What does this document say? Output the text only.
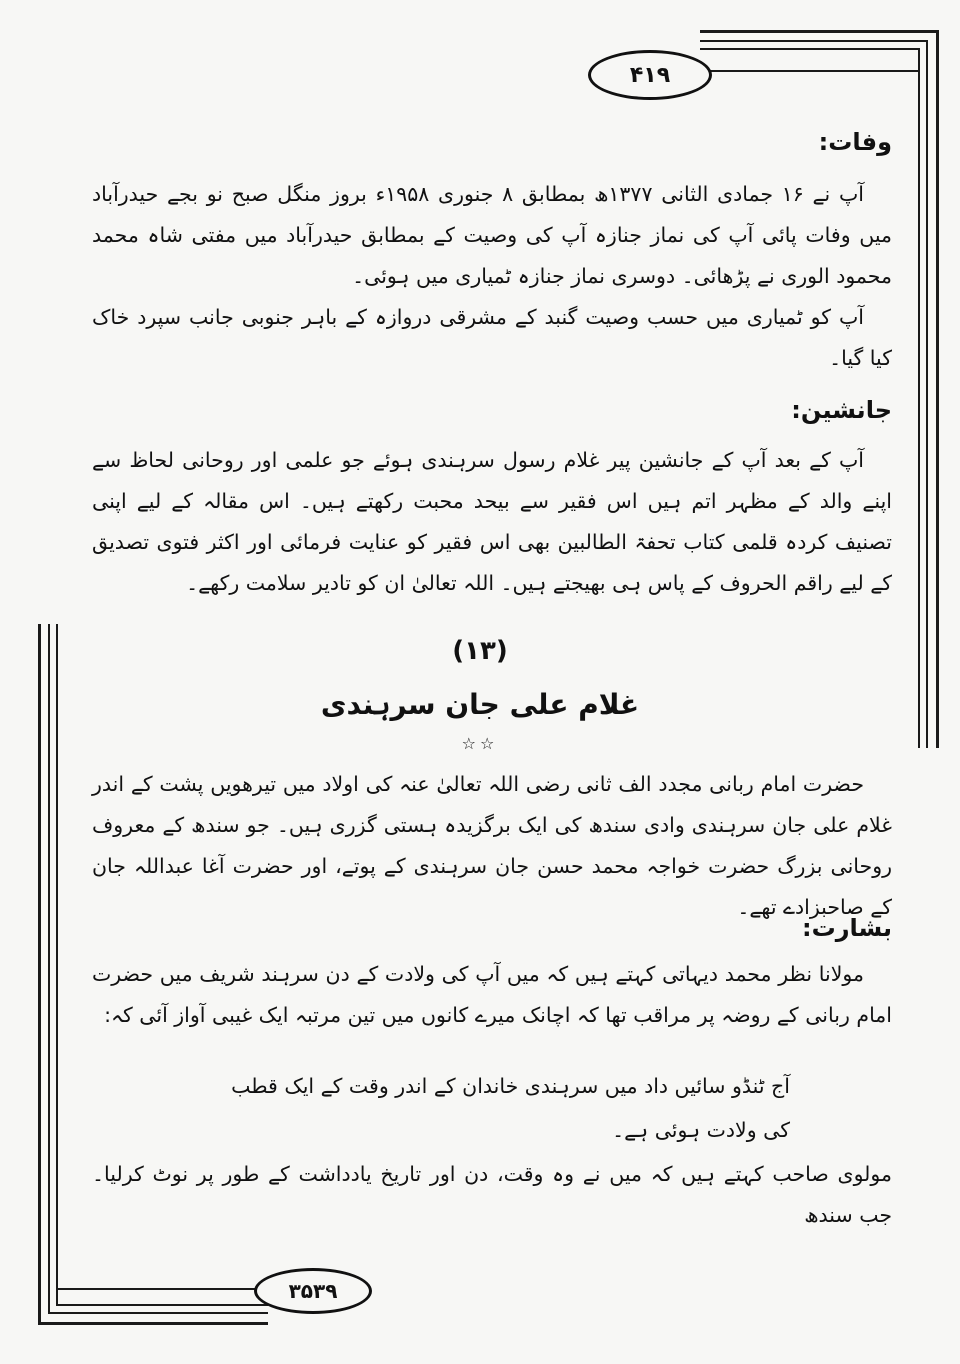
۴۱۹
۳۵۳۹
وفات:

آپ نے ۱۶ جمادی الثانی ۱۳۷۷ھ بمطابق ۸ جنوری ۱۹۵۸ء بروز منگل صبح نو بجے حیدرآباد میں وفات پائی آپ کی نماز جنازہ آپ کی وصیت کے بمطابق حیدرآباد میں مفتی شاہ محمد محمود الوری نے پڑھائی۔ دوسری نماز جنازہ ٹمیاری میں ہوئی۔

آپ کو ٹمیاری میں حسب وصیت گنبد کے مشرقی دروازہ کے باہر جنوبی جانب سپرد خاک کیا گیا۔

جانشین:

آپ کے بعد آپ کے جانشین پیر غلام رسول سرہندی ہوئے جو علمی اور روحانی لحاظ سے اپنے والد کے مظہر اتم ہیں اس فقیر سے بیحد محبت رکھتے ہیں۔ اس مقالہ کے لیے اپنی تصنیف کردہ قلمی کتاب تحفۃ الطالبین بھی اس فقیر کو عنایت فرمائی اور اکثر فتوی تصدیق کے لیے راقم الحروف کے پاس ہی بھیجتے ہیں۔ اللہ تعالیٰ ان کو تادیر سلامت رکھے۔

(۱۳)
غلام علی جان سرہندی
☆☆

حضرت امام ربانی مجدد الف ثانی رضی اللہ تعالیٰ عنہ کی اولاد میں تیرھویں پشت کے اندر غلام علی جان سرہندی وادی سندھ کی ایک برگزیدہ ہستی گزری ہیں۔ جو سندھ کے معروف روحانی بزرگ حضرت خواجہ محمد حسن جان سرہندی کے پوتے، اور حضرت آغا عبداللہ جان کے صاحبزادے تھے۔

بشارت:

مولانا نظر محمد دیہاتی کہتے ہیں کہ میں آپ کی ولادت کے دن سرہند شریف میں حضرت امام ربانی کے روضہ پر مراقب تھا کہ اچانک میرے کانوں میں تین مرتبہ ایک غیبی آواز آئی کہ:

آج ٹنڈو سائیں داد میں سرہندی خاندان کے اندر وقت کے ایک قطب
کی ولادت ہوئی ہے۔

مولوی صاحب کہتے ہیں کہ میں نے وہ وقت، دن اور تاریخ یادداشت کے طور پر نوٹ کرلیا۔ جب سندھ
